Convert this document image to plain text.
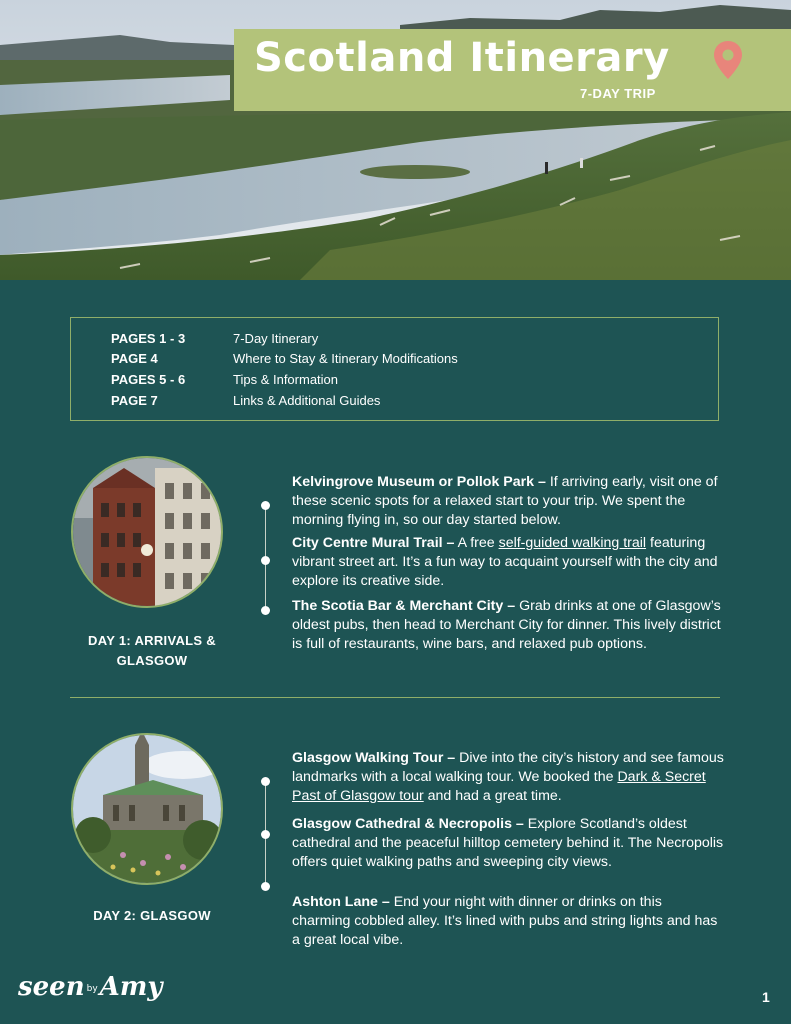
Scotland Itinerary
7-DAY TRIP
PAGES 1 - 3	7-Day Itinerary
PAGE 4	Where to Stay & Itinerary Modifications
PAGES 5 - 6	Tips & Information
PAGE 7	Links & Additional Guides
DAY 1: ARRIVALS &
GLASGOW
Kelvingrove Museum or Pollok Park – If arriving early, visit one of these scenic spots for a relaxed start to your trip. We spent the morning flying in, so our day started below.
City Centre Mural Trail – A free self-guided walking trail featuring vibrant street art. It’s a fun way to acquaint yourself with the city and explore its creative side.
The Scotia Bar & Merchant City – Grab drinks at one of Glasgow’s oldest pubs, then head to Merchant City for dinner. This lively district is full of restaurants, wine bars, and relaxed pub options.
DAY 2: GLASGOW
Glasgow Walking Tour – Dive into the city’s history and see famous landmarks with a local walking tour. We booked the Dark & Secret Past of Glasgow tour and had a great time.
Glasgow Cathedral & Necropolis – Explore Scotland’s oldest cathedral and the peaceful hilltop cemetery behind it. The Necropolis offers quiet walking paths and sweeping city views.
Ashton Lane – End your night with dinner or drinks on this charming cobbled alley. It’s lined with pubs and string lights and has a great local vibe.
seen byAmy	1
